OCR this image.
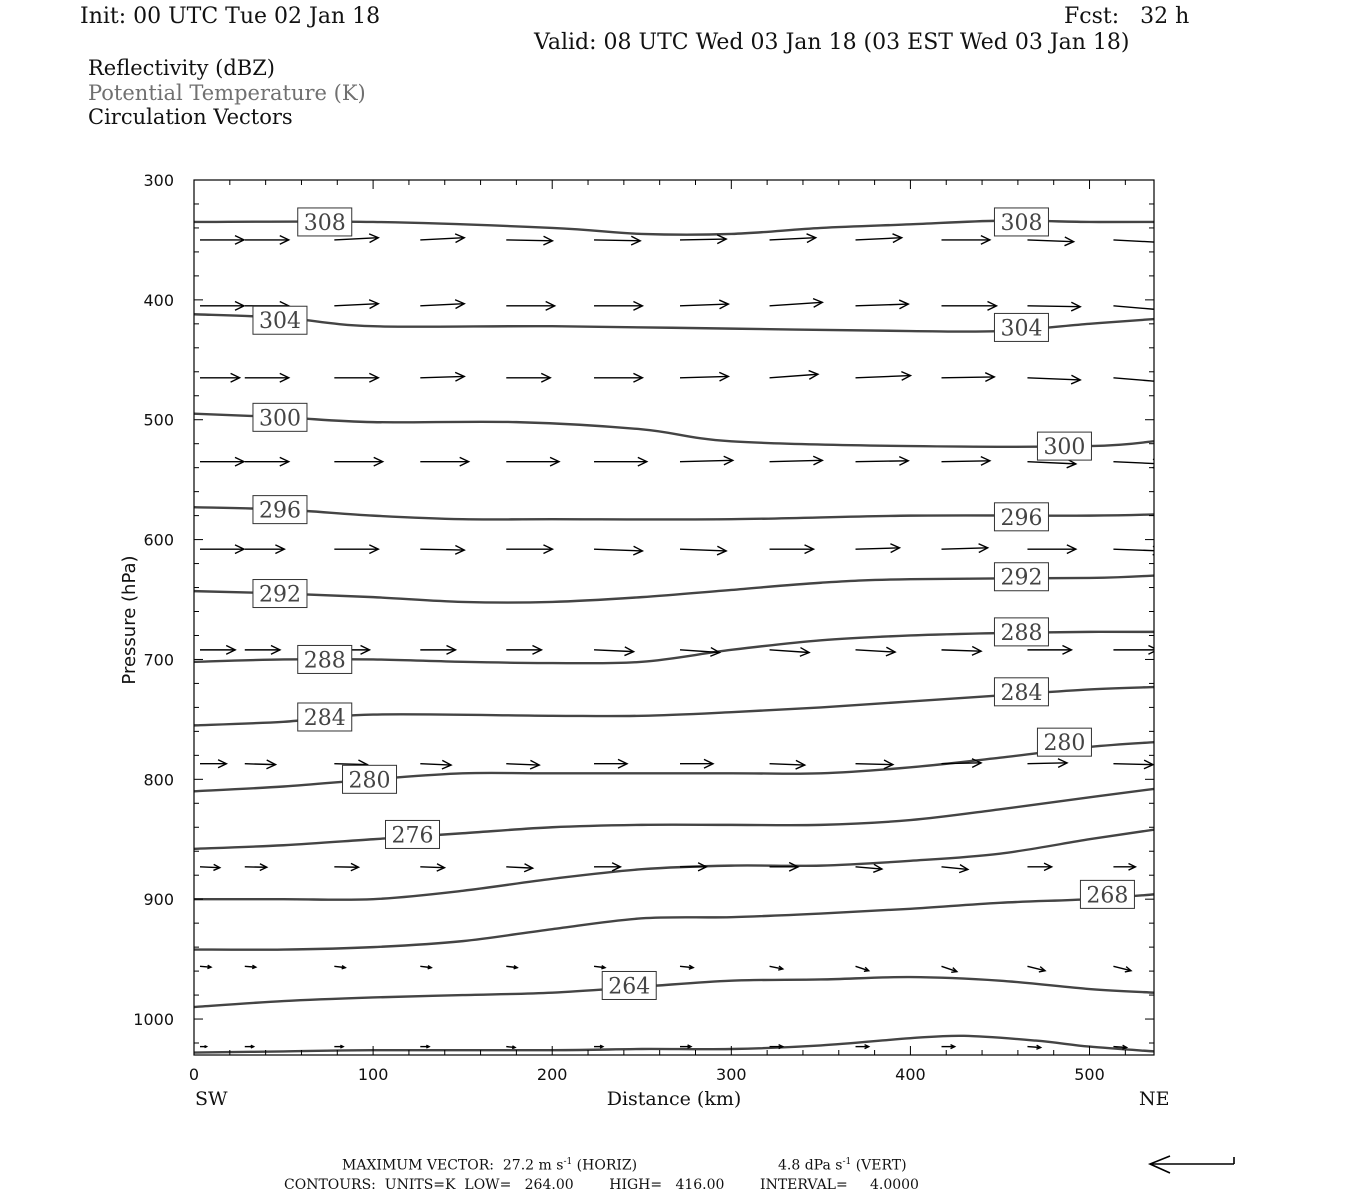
Init: 00 UTC Tue 02 Jan 18	Fcst:   32 h
Valid: 08 UTC Wed 03 Jan 18 (03 EST Wed 03 Jan 18)
Reflectivity (dBZ)
Potential Temperature (K)
Circulation Vectors
308	308
304	304
300
300
296	296
292
292
288
288
284
284
280
280
276
268
264
300
400
500
600
700
800
900
1000
0	100	200	300	400	500
Distance (km)
SW	NE
Pressure (hPa)
MAXIMUM VECTOR: 27.2 m $s^{-1}$ (HORIZ)	4.8 dPa $s^{-1}$ (VERT)
CONTOURS:  UNITS=K  LOW=   264.00        HIGH=   416.00        INTERVAL=     4.0000
